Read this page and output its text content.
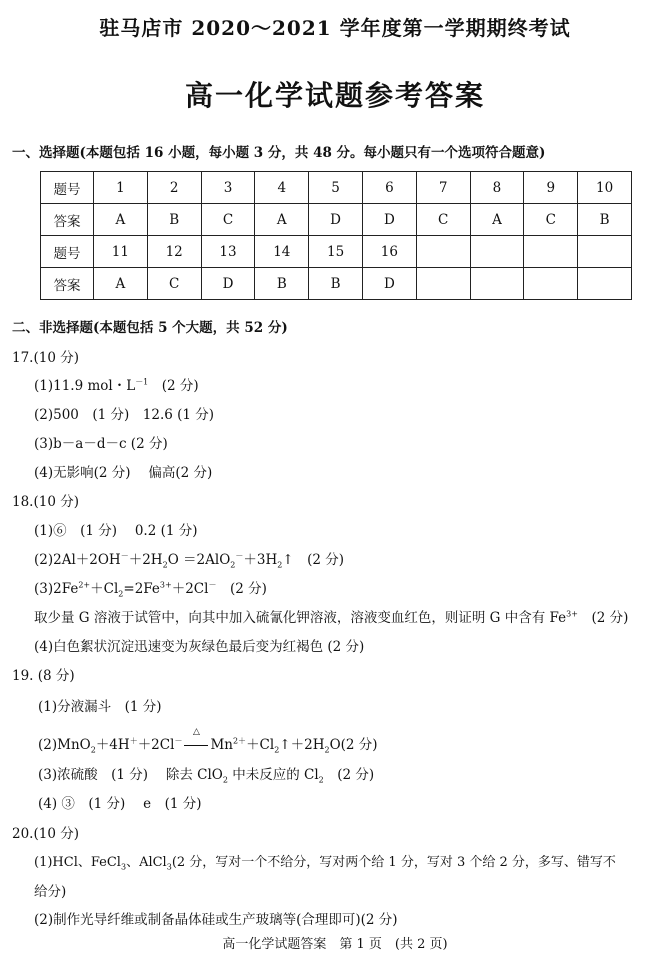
驻马店市 2020～2021 学年度第一学期期终考试
高一化学试题参考答案
一、选择题(本题包括 16 小题，每小题 3 分，共 48 分。每小题只有一个选项符合题意)
题号	1	2	3	4	5	6	7	8	9	10
答案	A	B	C	A	D	D	C	A	C	B
题号	11	12	13	14	15	16				
答案	A	C	D	B	B	D				
二、非选择题(本题包括 5 个大题，共 52 分)
17.(10 分)
(1)11.9 mol・$L^{-1}$　(2 分)
(2)500　(1 分)　12.6 (1 分)
(3)b－a－d－c (2 分)
(4)无影响(2 分)　 偏高(2 分)
18.(10 分)
(1)⑥　(1 分)　 0.2 (1 分)
$(2)2Al+2OH^-+2H_2O$ $=2AlO_2^-+3H_2↑$　(2 分)
$(3)2Fe^{2+}+Cl_2=2Fe^{3+}+2Cl^-$　(2 分)
取少量 G 溶液于试管中，向其中加入硫氰化钾溶液，溶液变血红色，则证明 G 中含有 $Fe^{3+}$　(2 分)
(4)白色絮状沉淀迅速变为灰绿色最后变为红褐色 (2 分)
19. (8 分)
(1)分液漏斗　(1 分)
(2)MnO$_2$＋4H＋＋2Cl－
△
$Mn^{2+}+Cl_2↑+2H_2O(2$ 分)
(3)浓硫酸　(1 分)　 除去 ClO$_2$ 中未反应的 $Cl_2$　(2 分)
(4) ③　(1 分)　 e　(1 分)
20.(10 分)
(1)HCl、FeCl$_3$、AlCl$_3$(2 分，写对一个不给分，写对两个给 1 分，写对 3 个给 2 分，多写、错写不
给分)
(2)制作光导纤维或制备晶体硅或生产玻璃等(合理即可)(2 分)
高一化学试题答案　第 1 页　(共 2 页)
